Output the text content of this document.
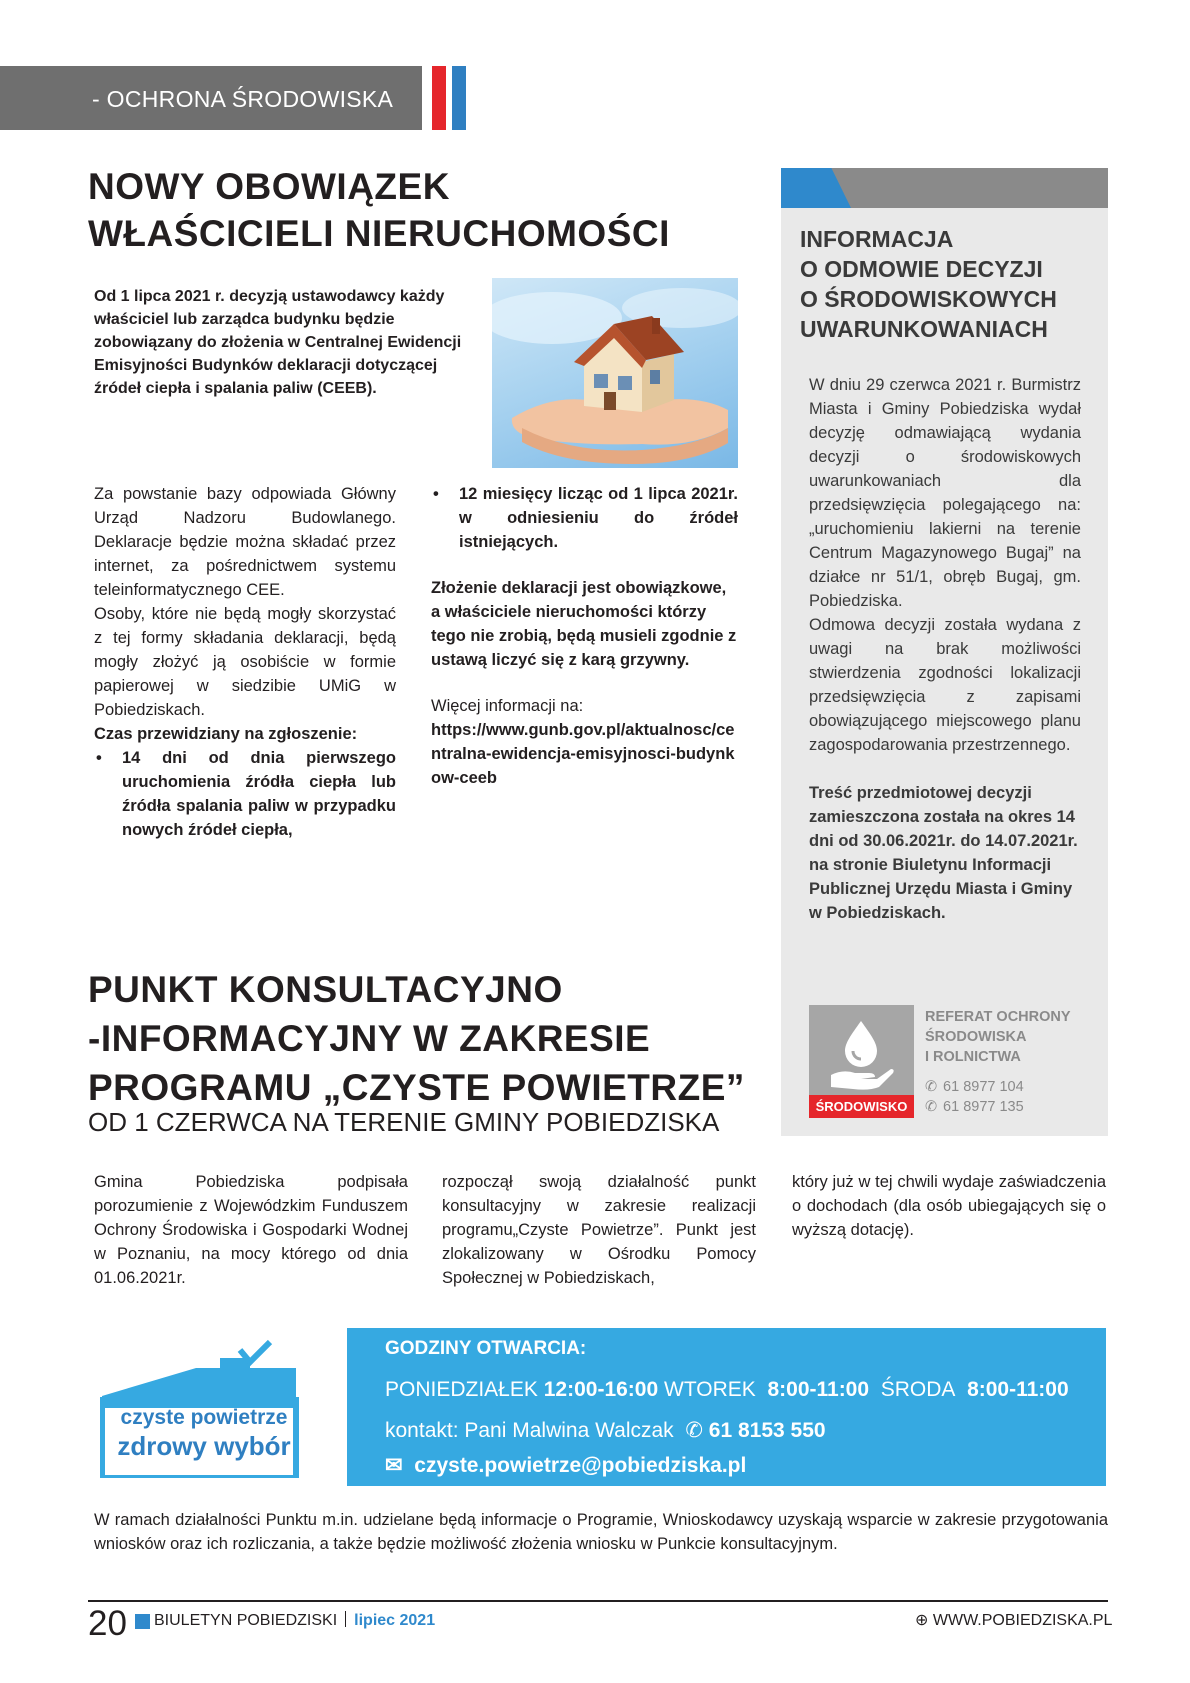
- OCHRONA ŚRODOWISKA
NOWY OBOWIĄZEK
WŁAŚCICIELI NIERUCHOMOŚCI
Od 1 lipca 2021 r. decyzją ustawodawcy każdy właściciel lub zarządca budynku będzie zobowiązany do złożenia w Centralnej Ewidencji Emisyjności Budynków deklaracji dotyczącej źródeł ciepła i spalania paliw (CEEB).

Za powstanie bazy odpowiada Główny Urząd Nadzoru Budowlanego. Deklaracje będzie można składać przez internet, za pośrednictwem systemu teleinformatycznego CEE.

Osoby, które nie będą mogły skorzystać z tej formy składania deklaracji, będą mogły złożyć ją osobiście w formie papierowej w siedzibie UMiG w Pobiedziskach.

Czas przewidziany na zgłoszenie:

• 14 dni od dnia pierwszego uruchomienia źródła ciepła lub źródła spalania paliw w przypadku nowych źródeł ciepła,
• 12 miesięcy licząc od 1 lipca 2021r. w odniesieniu do źródeł istniejących.

Złożenie deklaracji jest obowiązkowe, a właściciele nieruchomości którzy tego nie zrobią, będą musieli zgodnie z ustawą liczyć się z karą grzywny.

Więcej informacji na:

https://www.gunb.gov.pl/aktualnosc/centralna-ewidencja-emisyjnosci-budynkow-ceeb

INFORMACJA
O ODMOWIE DECYZJI
O ŚRODOWISKOWYCH
UWARUNKOWANIACH

W dniu 29 czerwca 2021 r. Burmistrz Miasta i Gminy Pobiedziska wydał decyzję odmawiającą wydania decyzji o środowiskowych uwarunkowaniach dla przedsięwzięcia polegającego na: „uruchomieniu lakierni na terenie Centrum Magazynowego Bugaj” na działce nr 51/1, obręb Bugaj, gm. Pobiedziska.

Odmowa decyzji została wydana z uwagi na brak możliwości stwierdzenia zgodności lokalizacji przedsięwzięcia z zapisami obowiązującego miejscowego planu zagospodarowania przestrzennego.

Treść przedmiotowej decyzji zamieszczona została na okres 14 dni od 30.06.2021r. do 14.07.2021r. na stronie Biuletynu Informacji Publicznej Urzędu Miasta i Gminy w Pobiedziskach.

ŚRODOWISKO
REFERAT OCHRONY
ŚRODOWISKA
I ROLNICTWA
✆ 61 8977 104
✆ 61 8977 135
PUNKT KONSULTACYJNO
-INFORMACYJNY W ZAKRESIE
PROGRAMU „CZYSTE POWIETRZE”
OD 1 CZERWCA NA TERENIE GMINY POBIEDZISKA

Gmina Pobiedziska podpisała porozumienie z Wojewódzkim Funduszem Ochrony Środowiska i Gospodarki Wodnej w Poznaniu, na mocy którego od dnia 01.06.2021r.

rozpoczął swoją działalność punkt konsultacyjny w zakresie realizacji programu„Czyste Powietrze”. Punkt jest zlokalizowany w Ośrodku Pomocy Społecznej w Pobiedziskach,

który już w tej chwili wydaje zaświadczenia o dochodach (dla osób ubiegających się o wyższą dotację).

czyste powietrze
zdrowy wybór
GODZINY OTWARCIA:
PONIEDZIAŁEK 12:00-16:00 WTOREK 8:00-11:00 ŚRODA 8:00-11:00
kontakt: Pani Malwina Walczak  ✆ 61 8153 550
✉  czyste.powietrze@pobiedziska.pl
W ramach działalności Punktu m.in. udzielane będą informacje o Programie, Wnioskodawcy uzyskają wsparcie w zakresie przygotowania wniosków oraz ich rozliczania, a także będzie możliwość złożenia wniosku w Punkcie konsultacyjnym.
20 BIULETYN POBIEDZISKI lipiec 2021	⊕ WWW.POBIEDZISKA.PL
